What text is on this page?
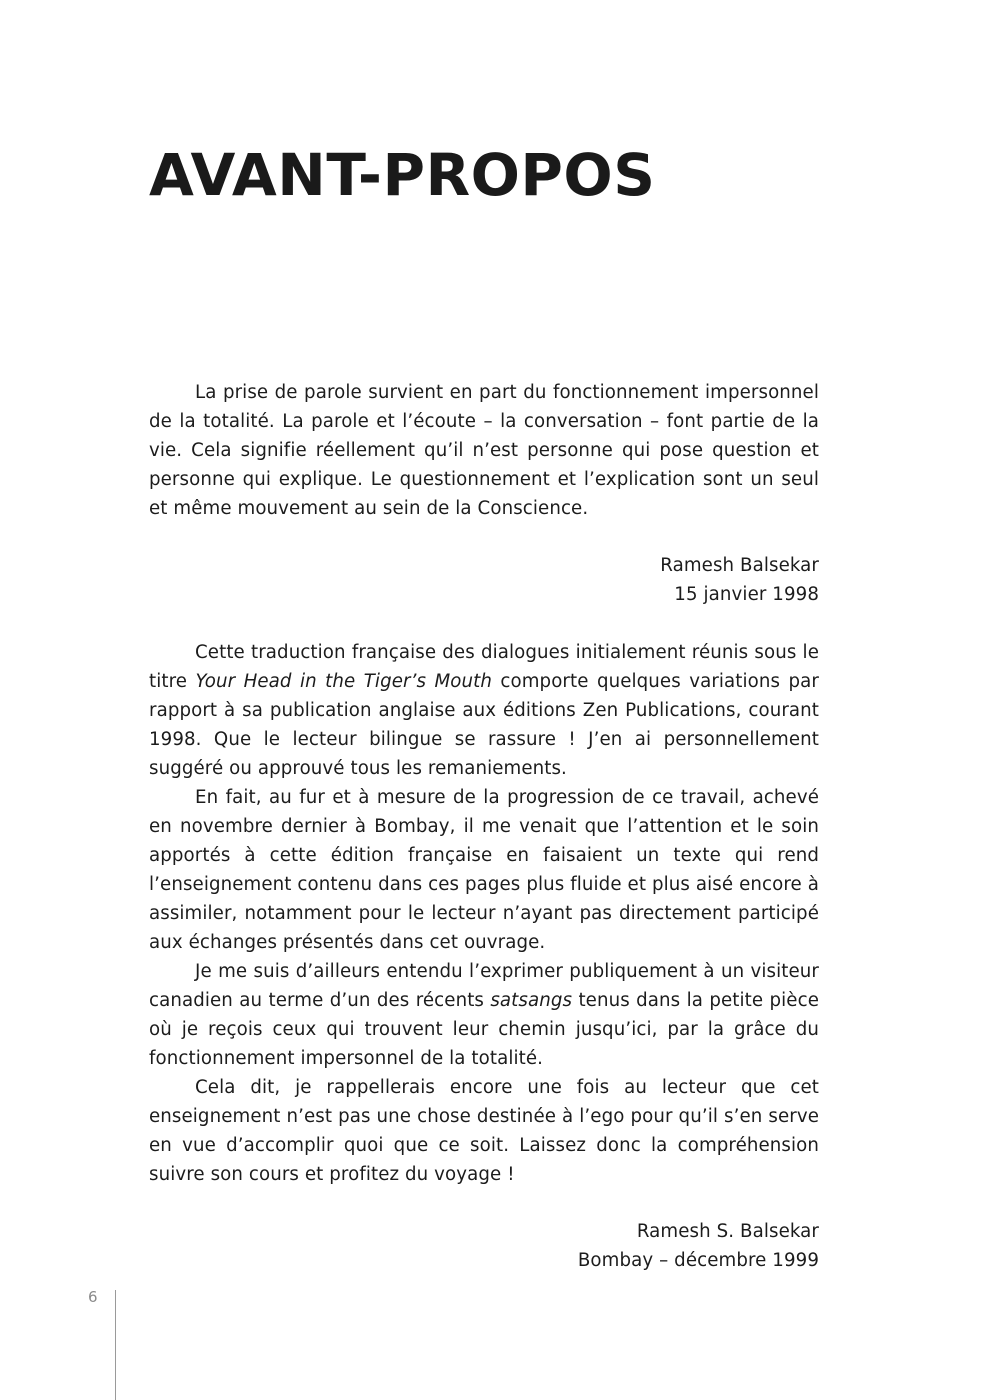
AVANT-PROPOS

La prise de parole survient en part du fonctionnement impersonnel de la totalité. La parole et l’écoute – la conversation – font partie de la vie. Cela signifie réellement qu’il n’est personne qui pose question et personne qui explique. Le questionnement et l’explication sont un seul et même mouvement au sein de la Conscience.

Ramesh Balsekar
15 janvier 1998

Cette traduction française des dialogues initialement réunis sous le titre Your Head in the Tiger’s Mouth comporte quelques variations par rapport à sa publication anglaise aux éditions Zen Publications, courant 1998. Que le lecteur bilingue se rassure ! J’en ai personnellement suggéré ou approuvé tous les remaniements.

En fait, au fur et à mesure de la progression de ce travail, achevé en novembre dernier à Bombay, il me venait que l’attention et le soin apportés à cette édition française en faisaient un texte qui rend l’enseignement contenu dans ces pages plus fluide et plus aisé encore à assimiler, notamment pour le lecteur n’ayant pas directement participé aux échanges présentés dans cet ouvrage.

Je me suis d’ailleurs entendu l’exprimer publiquement à un visiteur canadien au terme d’un des récents satsangs tenus dans la petite pièce où je reçois ceux qui trouvent leur chemin jusqu’ici, par la grâce du fonctionnement impersonnel de la totalité.

Cela dit, je rappellerais encore une fois au lecteur que cet enseignement n’est pas une chose destinée à l’ego pour qu’il s’en serve en vue d’accomplir quoi que ce soit. Laissez donc la compréhension suivre son cours et profitez du voyage !

Ramesh S. Balsekar
Bombay – décembre 1999
6
